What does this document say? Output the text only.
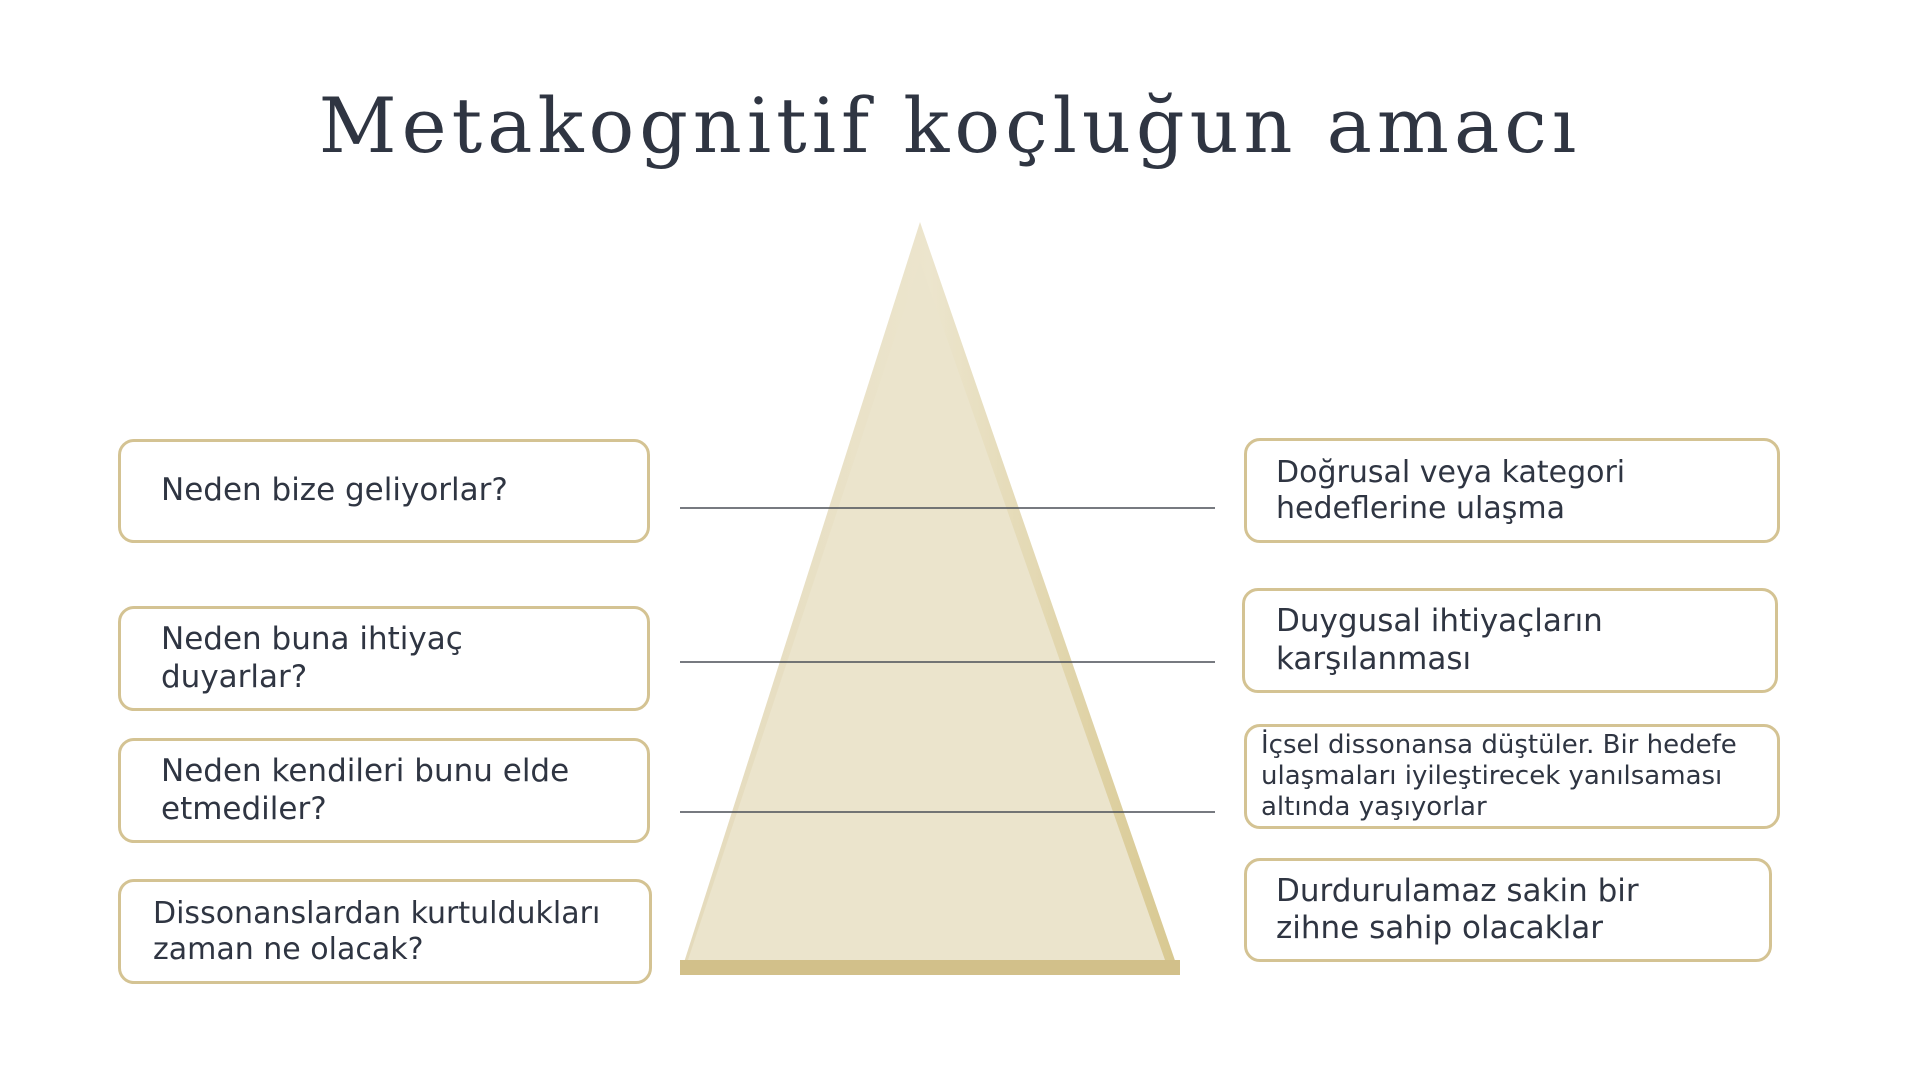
Metakognitif koçluğun amacı
Neden bize geliyorlar?
Neden buna ihtiyaç duyarlar?
Neden kendileri bunu elde etmediler?
Dissonanslardan kurtuldukları zaman ne olacak?
Doğrusal veya kategori hedeflerine ulaşma
Duygusal ihtiyaçların karşılanması
İçsel dissonansa düştüler. Bir hedefe ulaşmaları iyileştirecek yanılsaması altında yaşıyorlar
Durdurulamaz sakin bir zihne sahip olacaklar
